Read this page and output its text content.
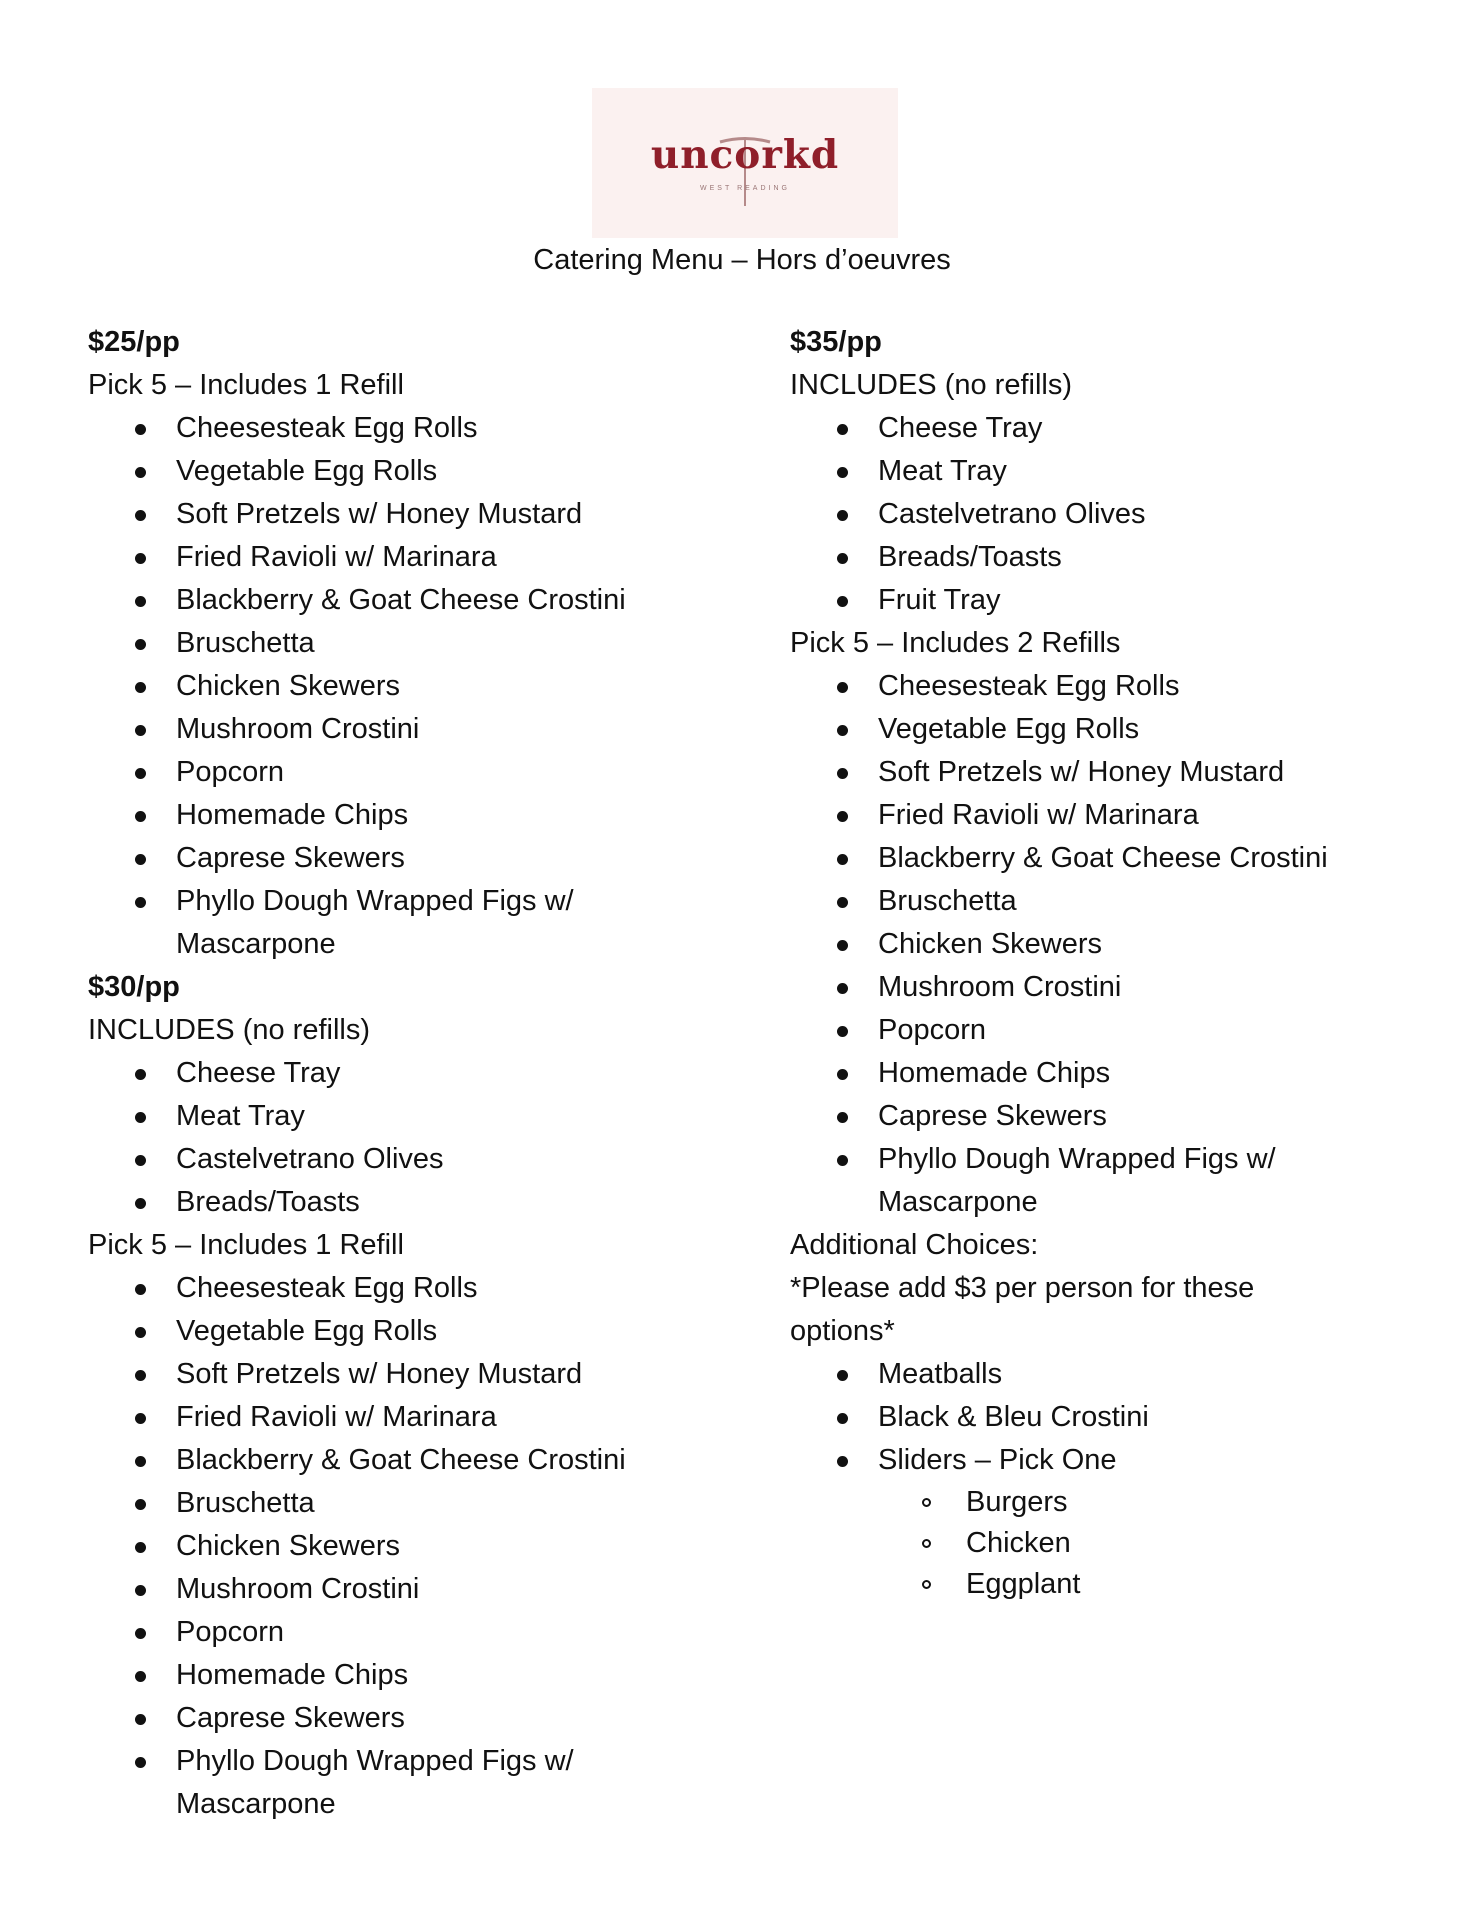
uncorkd
WEST READING
Catering Menu – Hors d’oeuvres
$25/pp
Pick 5 – Includes 1 Refill
Cheesesteak Egg Rolls
Vegetable Egg Rolls
Soft Pretzels w/ Honey Mustard
Fried Ravioli w/ Marinara
Blackberry & Goat Cheese Crostini
Bruschetta
Chicken Skewers
Mushroom Crostini
Popcorn
Homemade Chips
Caprese Skewers
Phyllo Dough Wrapped Figs w/ Mascarpone
$30/pp
INCLUDES (no refills)
Cheese Tray
Meat Tray
Castelvetrano Olives
Breads/Toasts
Pick 5 – Includes 1 Refill
Cheesesteak Egg Rolls
Vegetable Egg Rolls
Soft Pretzels w/ Honey Mustard
Fried Ravioli w/ Marinara
Blackberry & Goat Cheese Crostini
Bruschetta
Chicken Skewers
Mushroom Crostini
Popcorn
Homemade Chips
Caprese Skewers
Phyllo Dough Wrapped Figs w/ Mascarpone
$35/pp
INCLUDES (no refills)
Cheese Tray
Meat Tray
Castelvetrano Olives
Breads/Toasts
Fruit Tray
Pick 5 – Includes 2 Refills
Cheesesteak Egg Rolls
Vegetable Egg Rolls
Soft Pretzels w/ Honey Mustard
Fried Ravioli w/ Marinara
Blackberry & Goat Cheese Crostini
Bruschetta
Chicken Skewers
Mushroom Crostini
Popcorn
Homemade Chips
Caprese Skewers
Phyllo Dough Wrapped Figs w/ Mascarpone
Additional Choices:
*Please add $3 per person for these
options*
Meatballs
Black & Bleu Crostini
Sliders – Pick One
Burgers
Chicken
Eggplant
